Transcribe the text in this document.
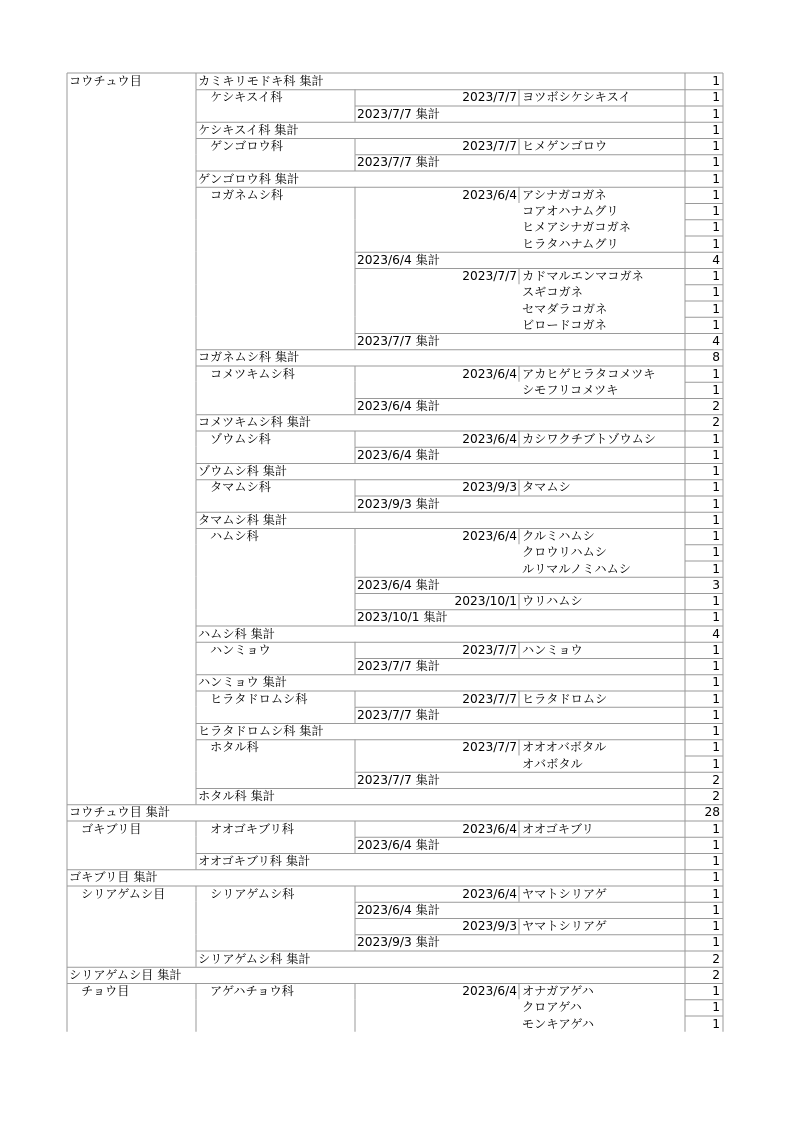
コウチュウ目	カミキリモドキ科 集計	1
ケシキスイ科	2023/7/7 ヨツボシケシキスイ	1
2023/7/7 集計	1
ケシキスイ科 集計	1
ゲンゴロウ科	2023/7/7 ヒメゲンゴロウ	1
2023/7/7 集計	1
ゲンゴロウ科 集計	1
コガネムシ科	2023/6/4 アシナガコガネ	1
コアオハナムグリ	1
ヒメアシナガコガネ	1
ヒラタハナムグリ	1
2023/6/4 集計	4
2023/7/7 カドマルエンマコガネ	1
スギコガネ	1
セマダラコガネ	1
ビロードコガネ	1
2023/7/7 集計	4
コガネムシ科 集計	8
コメツキムシ科	2023/6/4 アカヒゲヒラタコメツキ	1
シモフリコメツキ	1
2023/6/4 集計	2
コメツキムシ科 集計	2
ゾウムシ科	2023/6/4 カシワクチブトゾウムシ	1
2023/6/4 集計	1
ゾウムシ科 集計	1
タマムシ科	2023/9/3 タマムシ	1
2023/9/3 集計	1
タマムシ科 集計	1
ハムシ科	2023/6/4 クルミハムシ	1
クロウリハムシ	1
ルリマルノミハムシ	1
2023/6/4 集計	3
2023/10/1 ウリハムシ	1
2023/10/1 集計	1
ハムシ科 集計	4
ハンミョウ	2023/7/7 ハンミョウ	1
2023/7/7 集計	1
ハンミョウ 集計	1
ヒラタドロムシ科	2023/7/7 ヒラタドロムシ	1
2023/7/7 集計	1
ヒラタドロムシ科 集計	1
ホタル科	2023/7/7 オオオバボタル	1
オバボタル	1
2023/7/7 集計	2
ホタル科 集計	2
コウチュウ目 集計	28
ゴキブリ目	オオゴキブリ科	2023/6/4 オオゴキブリ	1
2023/6/4 集計	1
オオゴキブリ科 集計	1
ゴキブリ目 集計	1
シリアゲムシ目	シリアゲムシ科	2023/6/4 ヤマトシリアゲ	1
2023/6/4 集計	1
2023/9/3 ヤマトシリアゲ	1
2023/9/3 集計	1
シリアゲムシ科 集計	2
シリアゲムシ目 集計	2
チョウ目	アゲハチョウ科	2023/6/4 オナガアゲハ	1
クロアゲハ	1
モンキアゲハ	1
